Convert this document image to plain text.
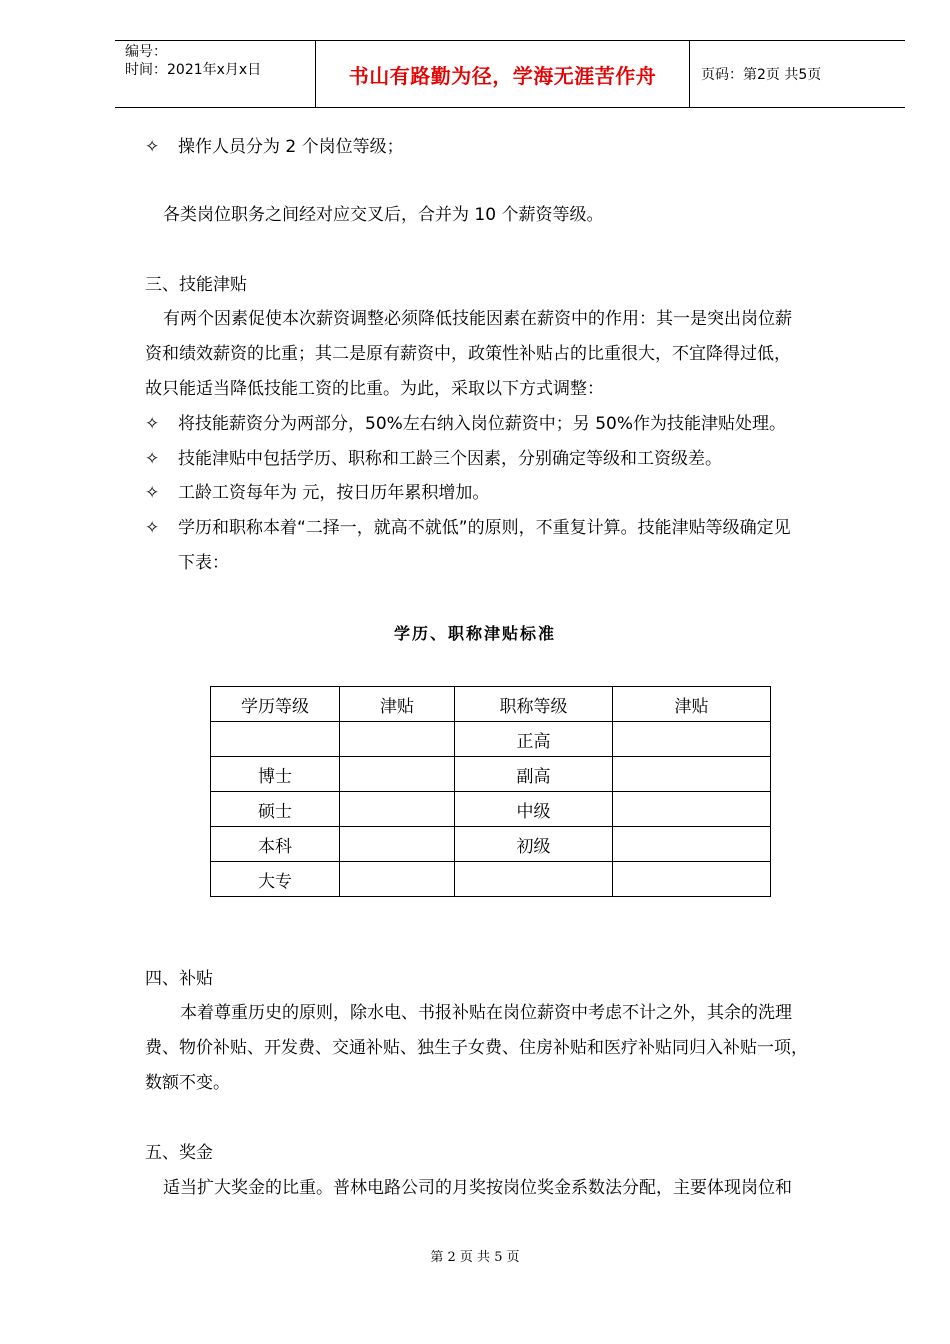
编号：
时间：2021年x月x日	书山有路勤为径，学海无涯苦作舟	页码：第2页 共5页
✧ 操作人员分为 2 个岗位等级；
各类岗位职务之间经对应交叉后，合并为 10 个薪资等级。
三、技能津贴
有两个因素促使本次薪资调整必须降低技能因素在薪资中的作用：其一是突出岗位薪
资和绩效薪资的比重；其二是原有薪资中，政策性补贴占的比重很大，不宜降得过低，
故只能适当降低技能工资的比重。为此，采取以下方式调整：
✧ 将技能薪资分为两部分，50%左右纳入岗位薪资中；另 50%作为技能津贴处理。
✧ 技能津贴中包括学历、职称和工龄三个因素，分别确定等级和工资级差。
✧ 工龄工资每年为 元，按日历年累积增加。
✧ 学历和职称本着“二择一，就高不就低”的原则，不重复计算。技能津贴等级确定见
下表：
学历、职称津贴标准
学历等级	津贴	职称等级	津贴
		正高	
博士		副高	
硕士		中级	
本科		初级	
大专			
四、补贴
本着尊重历史的原则，除水电、书报补贴在岗位薪资中考虑不计之外，其余的洗理
费、物价补贴、开发费、交通补贴、独生子女费、住房补贴和医疗补贴同归入补贴一项，
数额不变。
五、奖金
适当扩大奖金的比重。普林电路公司的月奖按岗位奖金系数法分配，主要体现岗位和
第 2 页 共 5 页
